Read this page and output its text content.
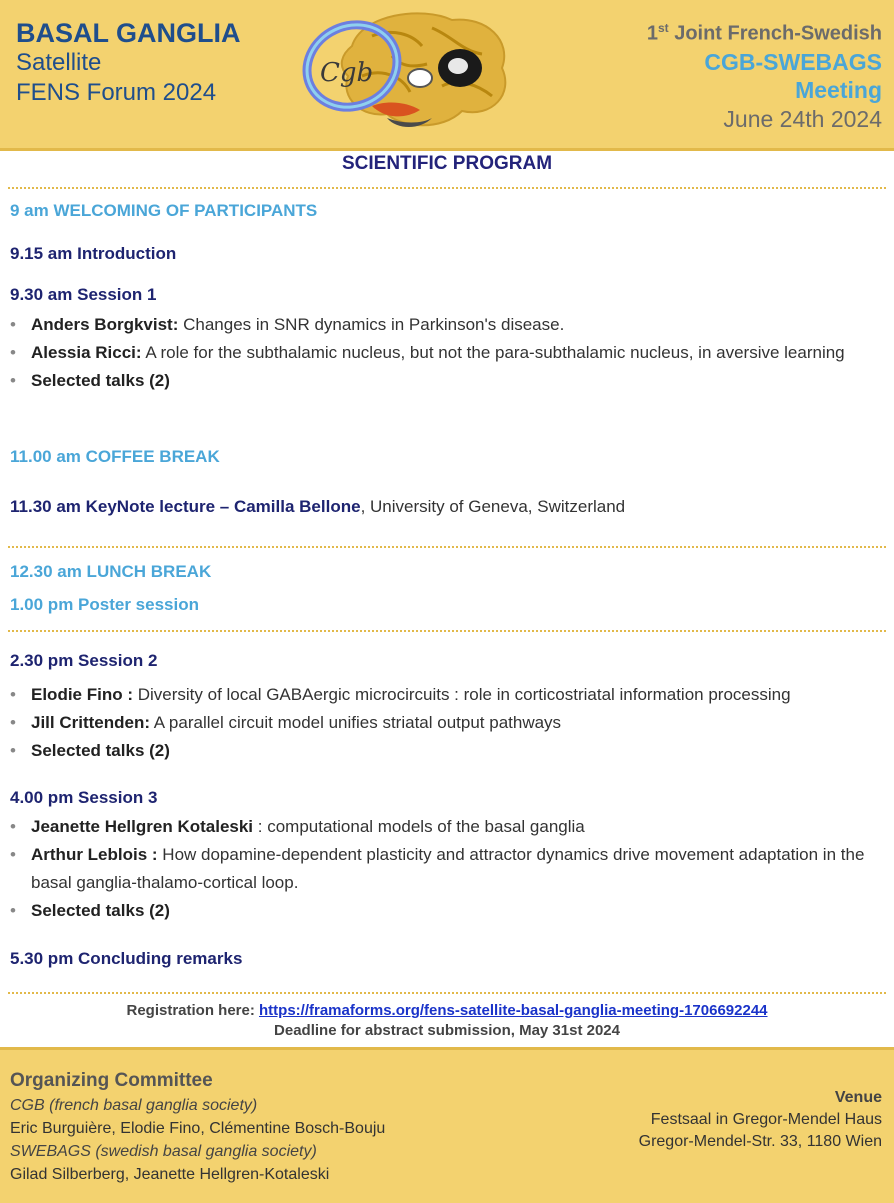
BASAL GANGLIA
Satellite
FENS Forum 2024
Cgb
1st Joint French-Swedish
CGB-SWEBAGS
Meeting
June 24th 2024
SCIENTIFIC PROGRAM
9 am WELCOMING OF PARTICIPANTS
9.15 am Introduction
9.30 am Session 1
• Anders Borgkvist: Changes in SNR dynamics in Parkinson's disease.
• Alessia Ricci: A role for the subthalamic nucleus, but not the para-subthalamic nucleus, in aversive learning
• Selected talks (2)
11.00 am COFFEE BREAK
11.30 am KeyNote lecture – Camilla Bellone, University of Geneva, Switzerland
12.30 am LUNCH BREAK
1.00 pm Poster session
2.30 pm Session 2
• Elodie Fino : Diversity of local GABAergic microcircuits : role in corticostriatal information processing
• Jill Crittenden: A parallel circuit model unifies striatal output pathways
• Selected talks (2)
4.00 pm Session 3
• Jeanette Hellgren Kotaleski : computational models of the basal ganglia
• Arthur Leblois : How dopamine-dependent plasticity and attractor dynamics drive movement adaptation in the basal ganglia-thalamo-cortical loop.
• Selected talks (2)
5.30 pm Concluding remarks
Registration here: https://framaforms.org/fens-satellite-basal-ganglia-meeting-1706692244
Deadline for abstract submission, May 31st 2024
Organizing Committee
CGB (french basal ganglia society)
Eric Burguière, Elodie Fino, Clémentine Bosch-Bouju
SWEBAGS (swedish basal ganglia society)
Gilad Silberberg, Jeanette Hellgren-Kotaleski
Venue
Festsaal in Gregor-Mendel Haus
Gregor-Mendel-Str. 33, 1180 Wien
